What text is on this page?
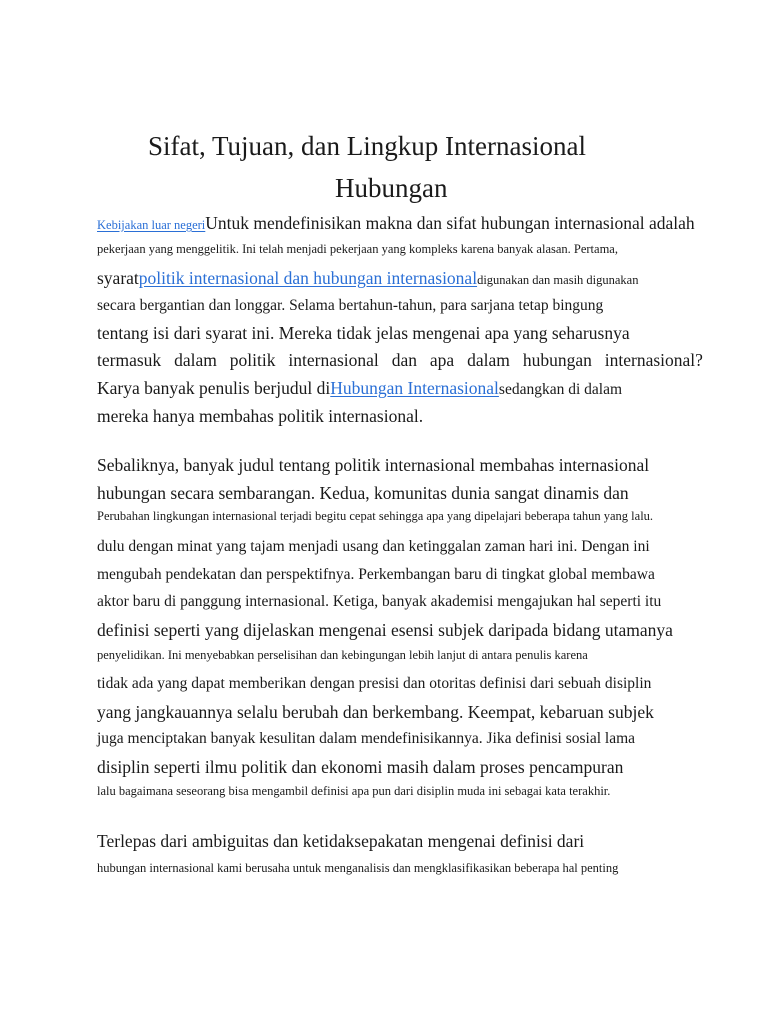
Sifat, Tujuan, dan Lingkup Internasional
Hubungan
Kebijakan luar negeriUntuk mendefinisikan makna dan sifat hubungan internasional adalah
pekerjaan yang menggelitik. Ini telah menjadi pekerjaan yang kompleks karena banyak alasan. Pertama,
syaratpolitik internasional dan hubungan internasionaldigunakan dan masih digunakan
secara bergantian dan longgar. Selama bertahun-tahun, para sarjana tetap bingung
tentang isi dari syarat ini. Mereka tidak jelas mengenai apa yang seharusnya
termasuk dalam politik internasional dan apa dalam hubungan internasional?
Karya banyak penulis berjudul diHubungan Internasionalsedangkan di dalam
mereka hanya membahas politik internasional.
Sebaliknya, banyak judul tentang politik internasional membahas internasional
hubungan secara sembarangan. Kedua, komunitas dunia sangat dinamis dan
Perubahan lingkungan internasional terjadi begitu cepat sehingga apa yang dipelajari beberapa tahun yang lalu.
dulu dengan minat yang tajam menjadi usang dan ketinggalan zaman hari ini. Dengan ini
mengubah pendekatan dan perspektifnya. Perkembangan baru di tingkat global membawa
aktor baru di panggung internasional. Ketiga, banyak akademisi mengajukan hal seperti itu
definisi seperti yang dijelaskan mengenai esensi subjek daripada bidang utamanya
penyelidikan. Ini menyebabkan perselisihan dan kebingungan lebih lanjut di antara penulis karena
tidak ada yang dapat memberikan dengan presisi dan otoritas definisi dari sebuah disiplin
yang jangkauannya selalu berubah dan berkembang. Keempat, kebaruan subjek
juga menciptakan banyak kesulitan dalam mendefinisikannya. Jika definisi sosial lama
disiplin seperti ilmu politik dan ekonomi masih dalam proses pencampuran
lalu bagaimana seseorang bisa mengambil definisi apa pun dari disiplin muda ini sebagai kata terakhir.
Terlepas dari ambiguitas dan ketidaksepakatan mengenai definisi dari
hubungan internasional kami berusaha untuk menganalisis dan mengklasifikasikan beberapa hal penting
